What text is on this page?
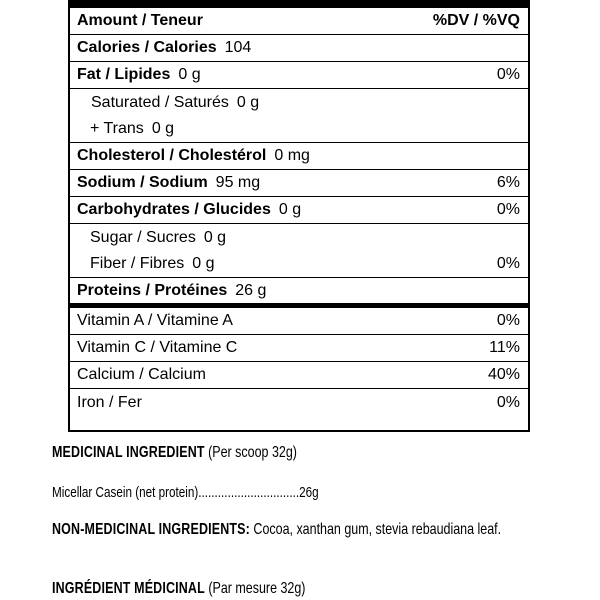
Amount / Teneur	%DV / %VQ
Calories / Calories 104
Fat / Lipides 0 g	0%
Saturated / Saturés 0 g
+ Trans 0 g
Cholesterol / Cholestérol 0 mg
Sodium / Sodium 95 mg	6%
Carbohydrates / Glucides 0 g	0%
Sugar / Sucres 0 g
Fiber / Fibres 0 g	0%
Proteins / Protéines 26 g
Vitamin A / Vitamine A	0%
Vitamin C / Vitamine C	11%
Calcium / Calcium	40%
Iron / Fer	0%
MEDICINAL INGREDIENT (Per scoop 32g)
Micellar Casein (net protein)...............................26g
NON-MEDICINAL INGREDIENTS: Cocoa, xanthan gum, stevia rebaudiana leaf.
INGRÉDIENT MÉDICINAL (Par mesure 32g)
